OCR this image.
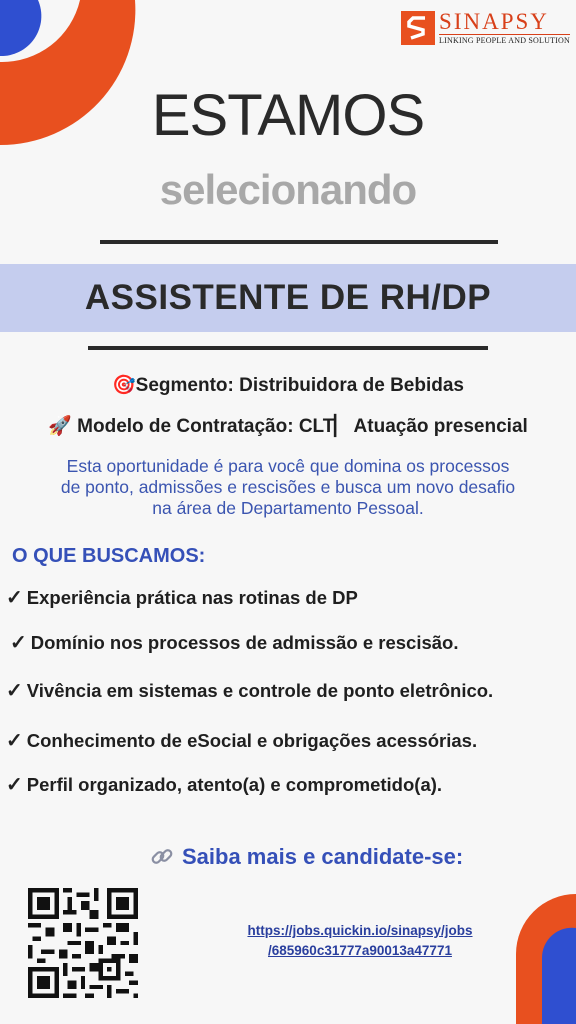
SINAPSY
LINKING PEOPLE AND SOLUTION
ESTAMOS
selecionando
ASSISTENTE DE RH/DP
🎯Segmento: Distribuidora de Bebidas
🚀 Modelo de Contratação: CLT▏ Atuação presencial
Esta oportunidade é para você que domina os processos
de ponto, admissões e rescisões e busca um novo desafio
na área de Departamento Pessoal.
O QUE BUSCAMOS:
✓ Experiência prática nas rotinas de DP
✓ Domínio nos processos de admissão e rescisão.
✓ Vivência em sistemas e controle de ponto eletrônico.
✓ Conhecimento de eSocial e obrigações acessórias.
✓ Perfil organizado, atento(a) e comprometido(a).
Saiba mais e candidate-se:
https://jobs.quickin.io/sinapsy/jobs
/685960c31777a90013a47771
